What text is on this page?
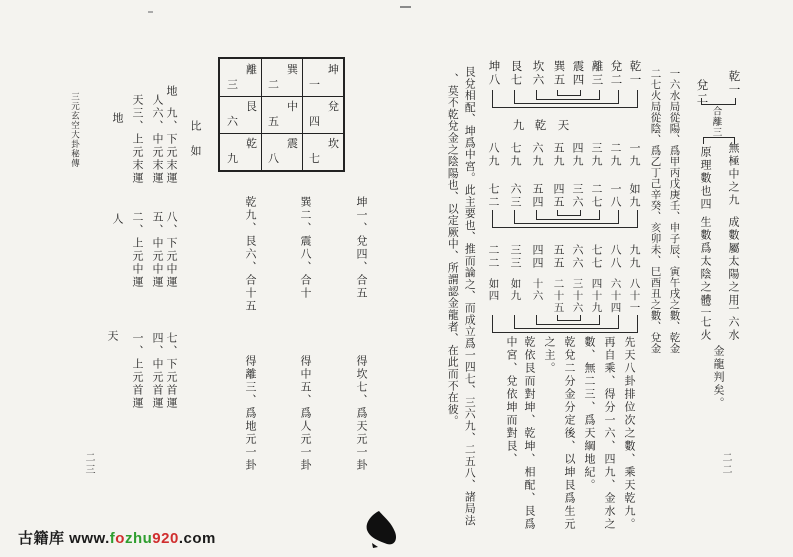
三元玄空大卦秘傳	比如
地
人
天
九、下元末運
六、中元末運
三、上元末運
地
八、下元中運
五、中元中運
二、上元中運
人
七、下元首運
四、中元首運
一、上元首運
天
坤一、兌四、合五
巽二、震八、合十
乾九、艮六、合十五
得坎七、爲天元一卦
得中五、爲人元一卦
得離三、爲地元一卦
二三
乾一
兌二
合離三
無極中之九
原理數也四
成數屬太陽之用
生數爲太陰之體
一六水
二七火
金龍判矣。
一六水局從陽、爲甲丙戊庚壬、申子辰、寅午戌之數、乾金
二七火局從陰、爲乙丁己辛癸、亥卯未、巳酉丑之數、兌金
先天八卦排位次之數、乘天乾九。
再自乘、得分一六、四九、金水之
數、無二三、爲天綱地紀。
乾兌二分金分定後、以坤艮爲生元
之主。
乾依艮而對坤、乾坤、相配、艮爲
中宮、兌依坤而對艮、
艮兌相配、坤爲中宮。此主要也、推而論之、而成立爲一四七、三六九、二五八、諸局法
、莫不乾兌金之陰陽也、以定厥中、所謂認金龍者、在此而不在彼。
二二
乾一
一九
如九
九九
八十一
兌二
二九
一八
八八
六十四
離三
三九
二七
七七
四十九
震四
四九
三六
六六
三十六
巽五
五九
四五
五五
二十五
坎六
六九
五四
四四
十六
艮七
七九
六三
三三
如九
坤八
八九
七二
二二
如四
天
乾
九
離
三
巽
二
坤
一
艮
六
中
五
兌
四
乾
九
震
八
坎
七
古籍库 www.fozhu920.com
